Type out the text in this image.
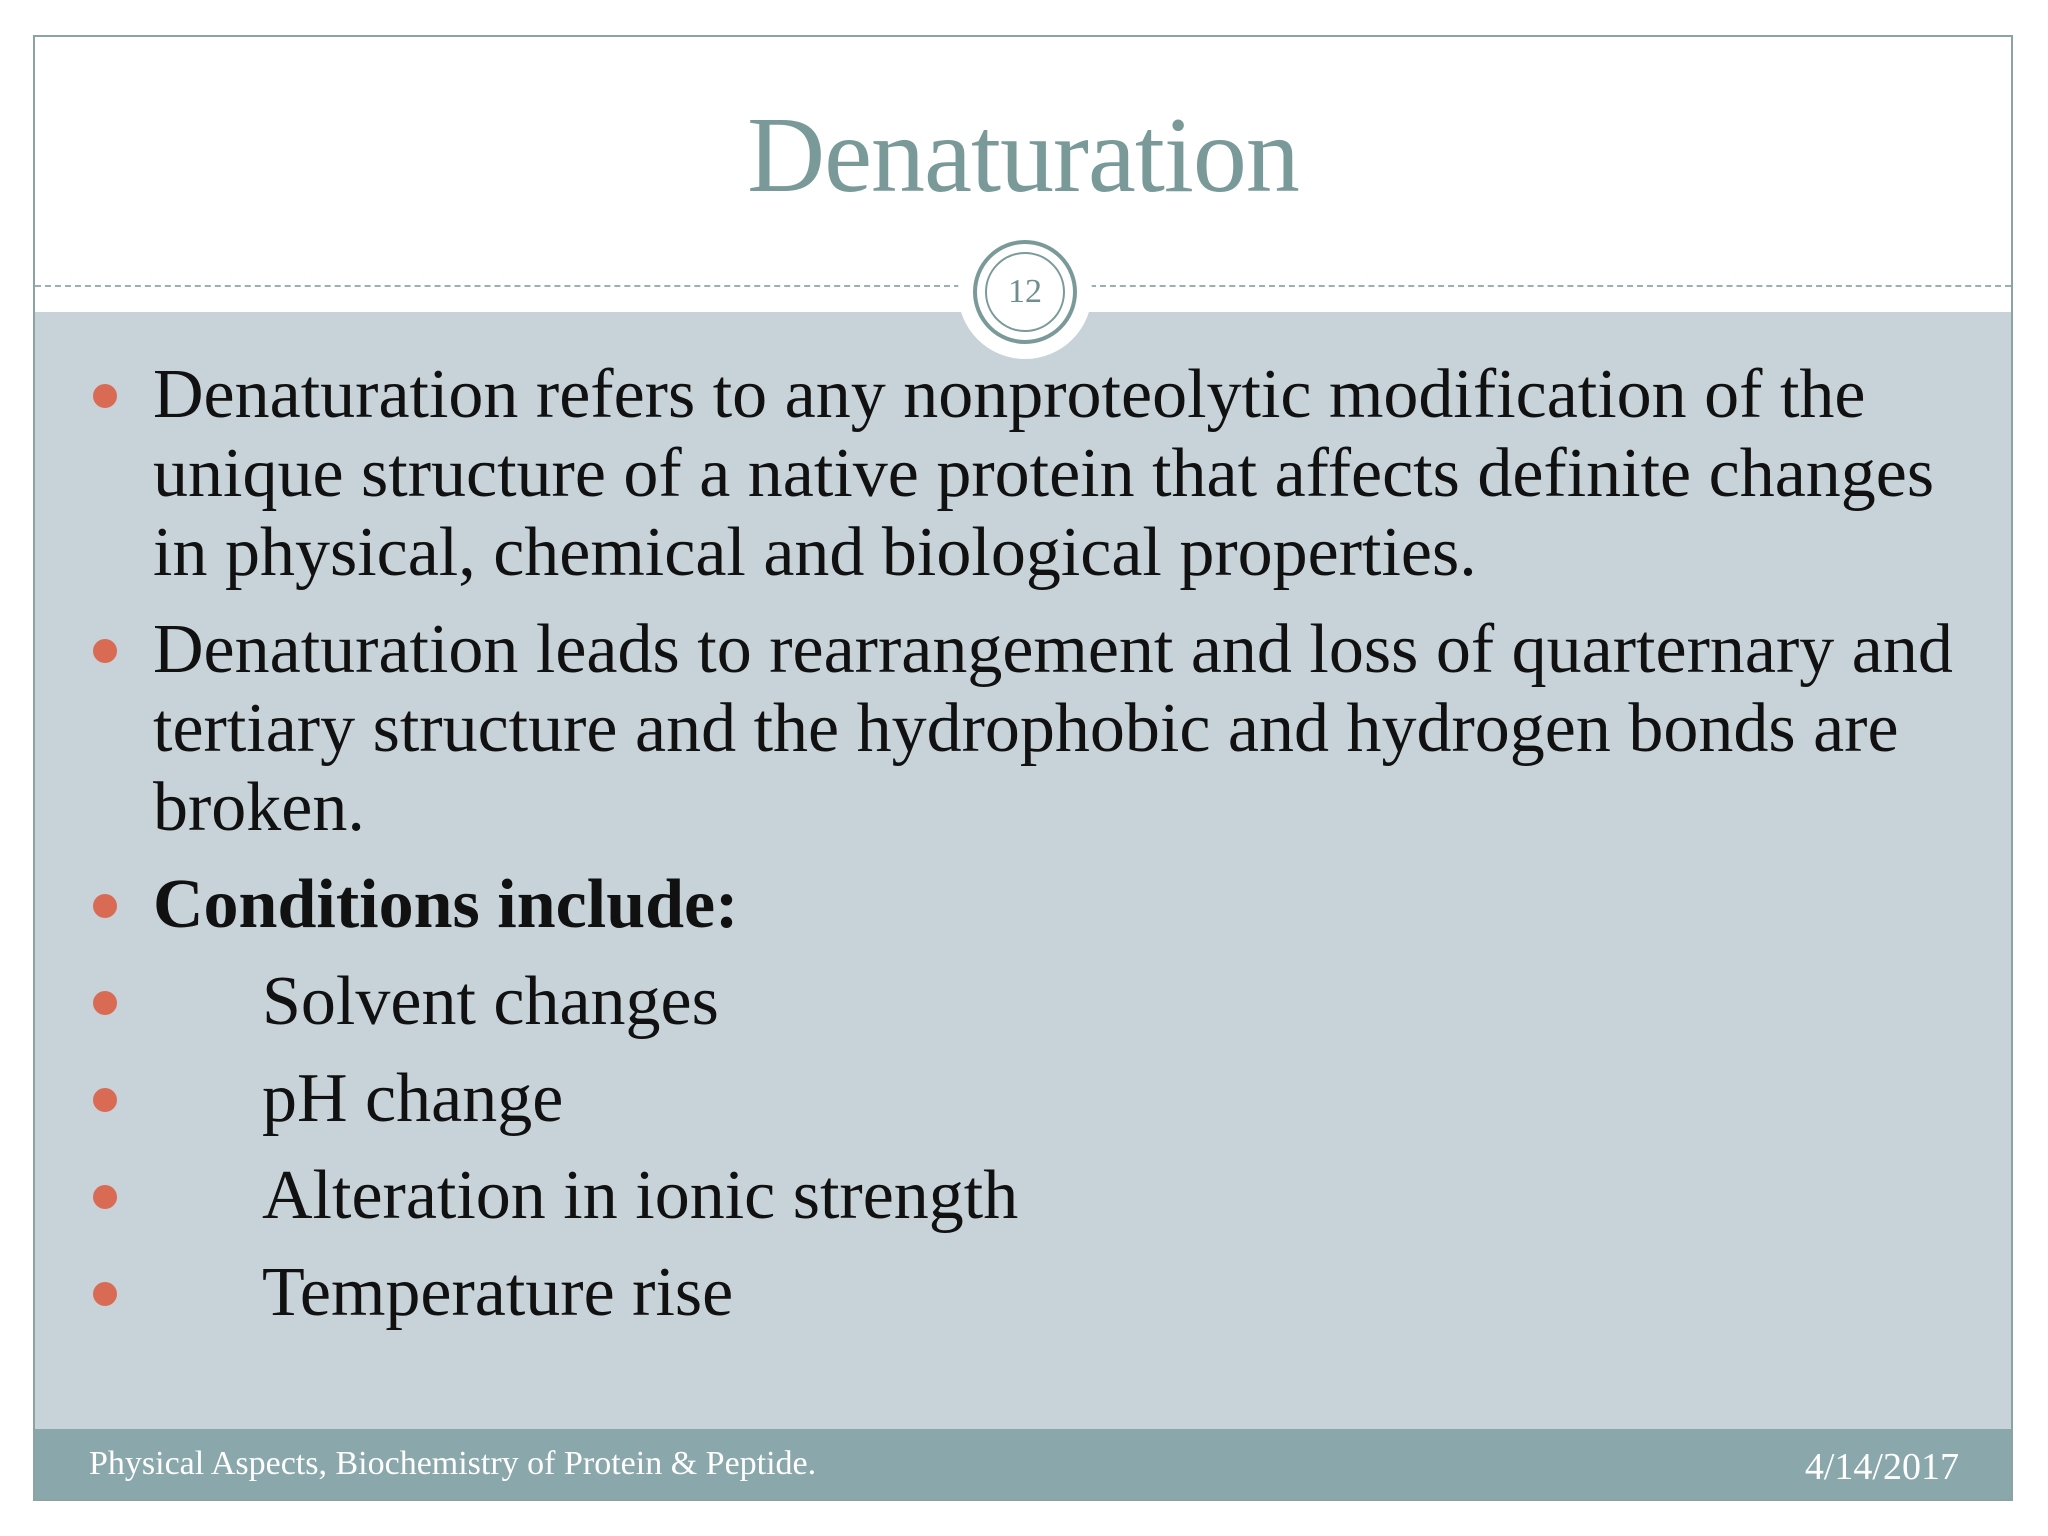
Denaturation
12
Denaturation refers to any nonproteolytic modification of the unique structure of a native protein that affects definite changes in physical, chemical and biological properties.
Denaturation leads to rearrangement and loss of quarternary and tertiary structure and the hydrophobic and hydrogen bonds are broken.
Conditions include:
Solvent changes
pH change
Alteration in ionic strength
Temperature rise
Physical Aspects, Biochemistry of Protein & Peptide.	4/14/2017
